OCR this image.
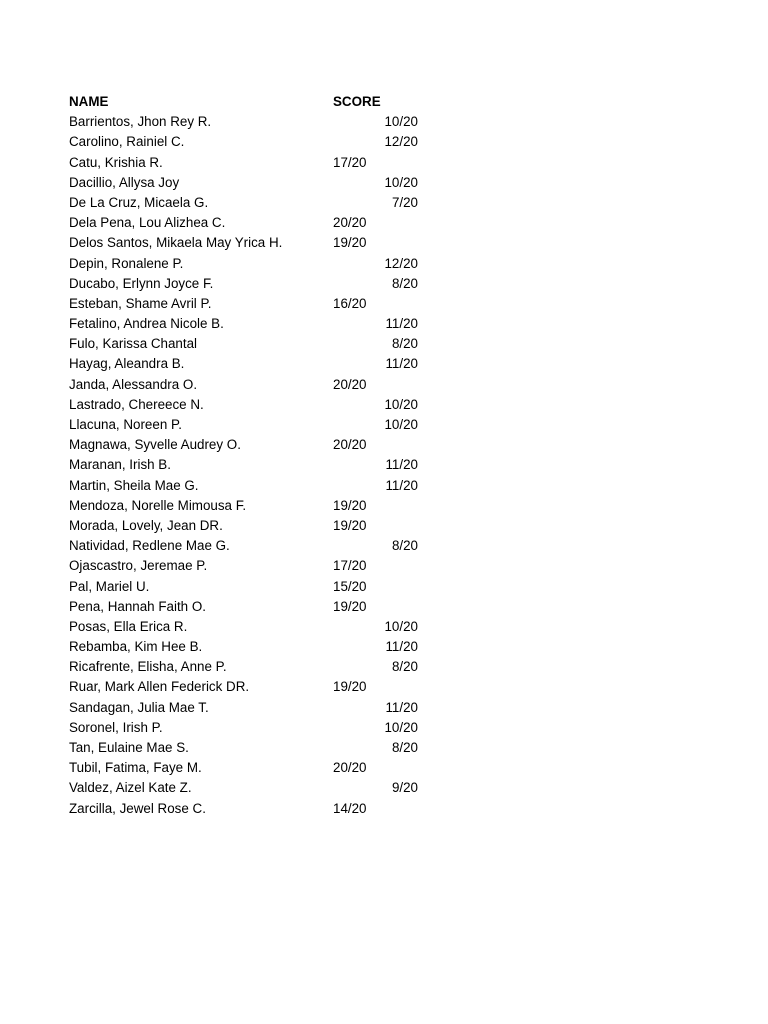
NAME	SCORE
Barrientos, Jhon Rey R.	10/20
Carolino, Rainiel C.	12/20
Catu, Krishia R.	17/20
Dacillio, Allysa Joy	10/20
De La Cruz, Micaela G.	7/20
Dela Pena, Lou Alizhea C.	20/20
Delos Santos, Mikaela May Yrica H.	19/20
Depin, Ronalene P.	12/20
Ducabo, Erlynn Joyce F.	8/20
Esteban, Shame Avril P.	16/20
Fetalino, Andrea Nicole B.	11/20
Fulo, Karissa Chantal	8/20
Hayag, Aleandra B.	11/20
Janda, Alessandra O.	20/20
Lastrado, Chereece N.	10/20
Llacuna, Noreen P.	10/20
Magnawa, Syvelle Audrey O.	20/20
Maranan, Irish B.	11/20
Martin, Sheila Mae G.	11/20
Mendoza, Norelle Mimousa F.	19/20
Morada, Lovely, Jean DR.	19/20
Natividad, Redlene Mae G.	8/20
Ojascastro, Jeremae P.	17/20
Pal, Mariel U.	15/20
Pena, Hannah Faith O.	19/20
Posas, Ella Erica R.	10/20
Rebamba, Kim Hee B.	11/20
Ricafrente, Elisha, Anne P.	8/20
Ruar, Mark Allen Federick DR.	19/20
Sandagan, Julia Mae T.	11/20
Soronel, Irish P.	10/20
Tan, Eulaine Mae S.	8/20
Tubil, Fatima, Faye M.	20/20
Valdez, Aizel Kate Z.	9/20
Zarcilla, Jewel Rose C.	14/20
